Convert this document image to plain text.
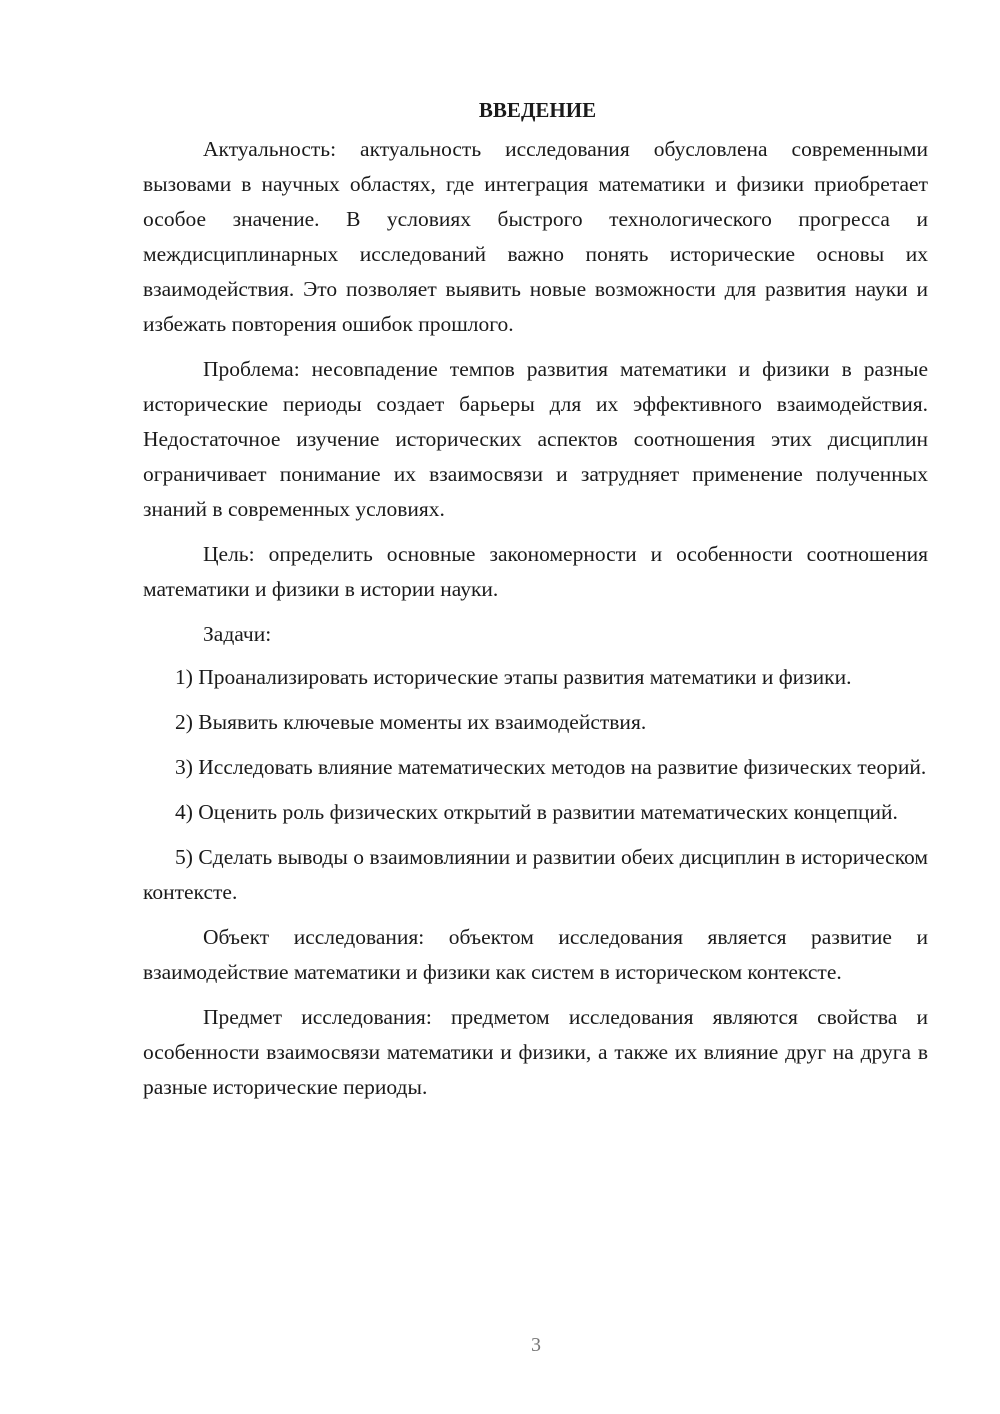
ВВЕДЕНИЕ

Актуальность: актуальность исследования обусловлена современными вызовами в научных областях, где интеграция математики и физики приобретает особое значение. В условиях быстрого технологического прогресса и междисциплинарных исследований важно понять исторические основы их взаимодействия. Это позволяет выявить новые возможности для развития науки и избежать повторения ошибок прошлого.

Проблема: несовпадение темпов развития математики и физики в разные исторические периоды создает барьеры для их эффективного взаимодействия. Недостаточное изучение исторических аспектов соотношения этих дисциплин ограничивает понимание их взаимосвязи и затрудняет применение полученных знаний в современных условиях.

Цель: определить основные закономерности и особенности соотношения математики и физики в истории науки.

Задачи:

1) Проанализировать исторические этапы развития математики и физики.

2) Выявить ключевые моменты их взаимодействия.

3) Исследовать влияние математических методов на развитие физических теорий.

4) Оценить роль физических открытий в развитии математических концепций.

5) Сделать выводы о взаимовлиянии и развитии обеих дисциплин в историческом контексте.

Объект исследования: объектом исследования является развитие и взаимодействие математики и физики как систем в историческом контексте.

Предмет исследования: предметом исследования являются свойства и особенности взаимосвязи математики и физики, а также их влияние друг на друга в разные исторические периоды.

3
